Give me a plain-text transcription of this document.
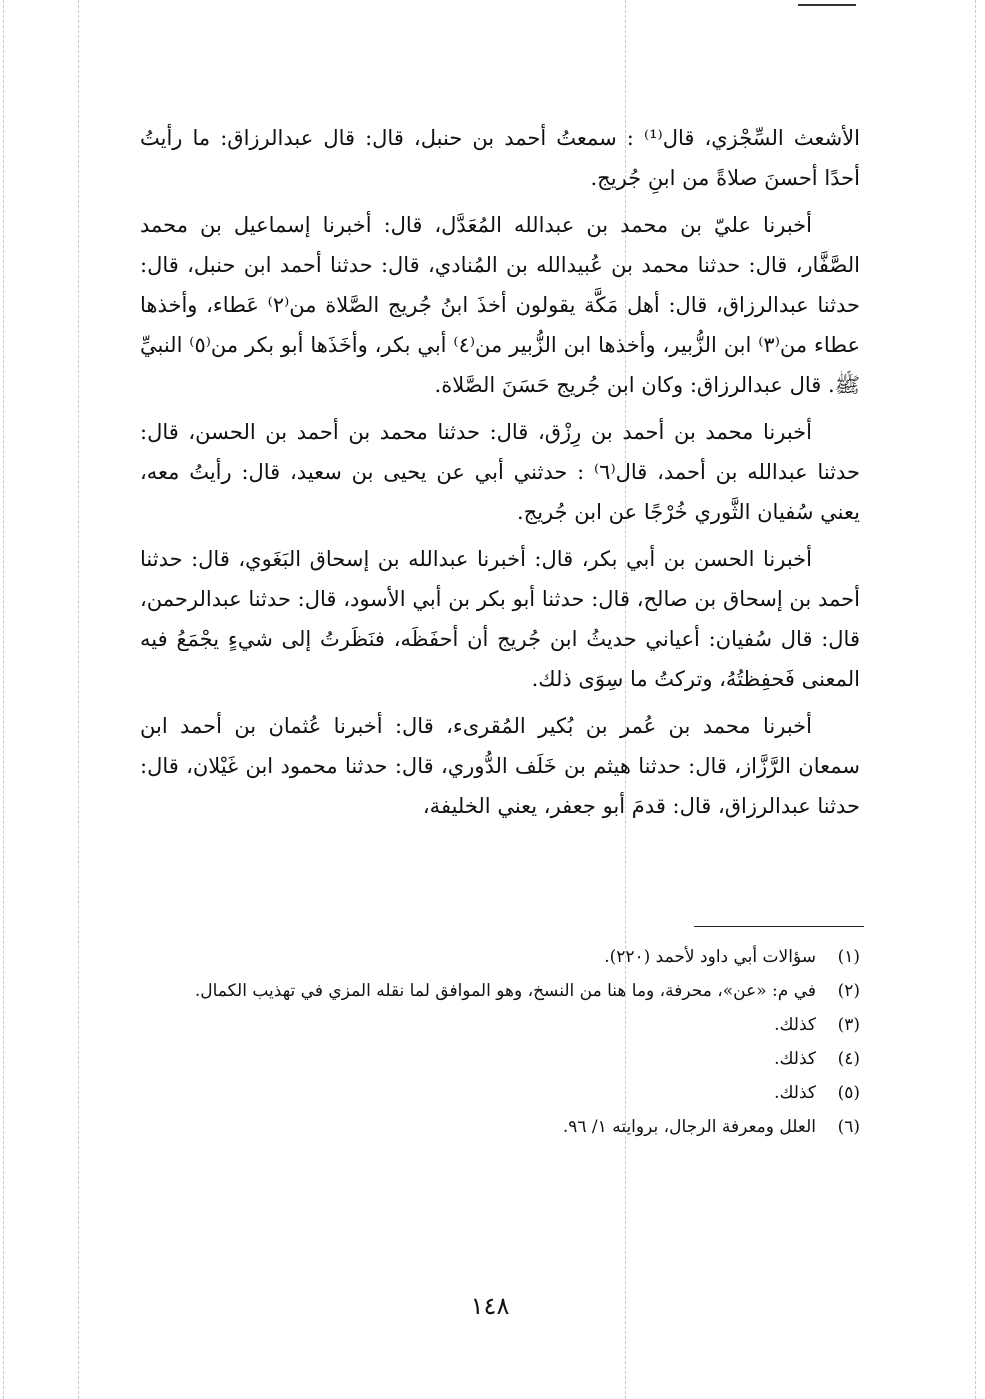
الأشعث السِّجْزي، قال⁽¹⁾ : سمعتُ أحمد بن حنبل، قال: قال عبدالرزاق: ما رأيتُ أحدًا أحسنَ صلاةً من ابنِ جُريج.

أخبرنا عليّ بن محمد بن عبدالله المُعَدَّل، قال: أخبرنا إسماعيل بن محمد الصَّفَّار، قال: حدثنا محمد بن عُبيدالله بن المُنادي، قال: حدثنا أحمد ابن حنبل، قال: حدثنا عبدالرزاق، قال: أهل مَكَّة يقولون أخذَ ابنُ جُريج الصَّلاة من⁽٢⁾ عَطاء، وأخذها عطاء من⁽٣⁾ ابن الزُّبير، وأخذها ابن الزُّبير من⁽٤⁾ أبي بكر، وأخَذَها أبو بكر من⁽٥⁾ النبيِّ ﷺ. قال عبدالرزاق: وكان ابن جُريج حَسَنَ الصَّلاة.

أخبرنا محمد بن أحمد بن رِزْق، قال: حدثنا محمد بن أحمد بن الحسن، قال: حدثنا عبدالله بن أحمد، قال⁽٦⁾ : حدثني أبي عن يحيى بن سعيد، قال: رأيتُ معه، يعني سُفيان الثَّوري خُرْجًا عن ابن جُريج.

أخبرنا الحسن بن أبي بكر، قال: أخبرنا عبدالله بن إسحاق البَغَوي، قال: حدثنا أحمد بن إسحاق بن صالح، قال: حدثنا أبو بكر بن أبي الأسود، قال: حدثنا عبدالرحمن، قال: قال سُفيان: أعياني حديثُ ابن جُريج أن أحفَظَه، فنَظَرتُ إلى شيءٍ يجْمَعُ فيه المعنى فَحفِظتُهُ، وتركتُ ما سِوَى ذلك.

أخبرنا محمد بن عُمر بن بُكير المُقرىء، قال: أخبرنا عُثمان بن أحمد ابن سمعان الرَّزَّاز، قال: حدثنا هيثم بن خَلَف الدُّوري، قال: حدثنا محمود ابن غَيْلان، قال: حدثنا عبدالرزاق، قال: قدمَ أبو جعفر، يعني الخليفة،

(١)
سؤالات أبي داود لأحمد (٢٢٠).
(٢)
في م: «عن»، محرفة، وما هنا من النسخ، وهو الموافق لما نقله المزي في تهذيب الكمال.
(٣)
كذلك.
(٤)
كذلك.
(٥)
كذلك.
(٦)
العلل ومعرفة الرجال، بروايته ١/ ٩٦.
١٤٨
